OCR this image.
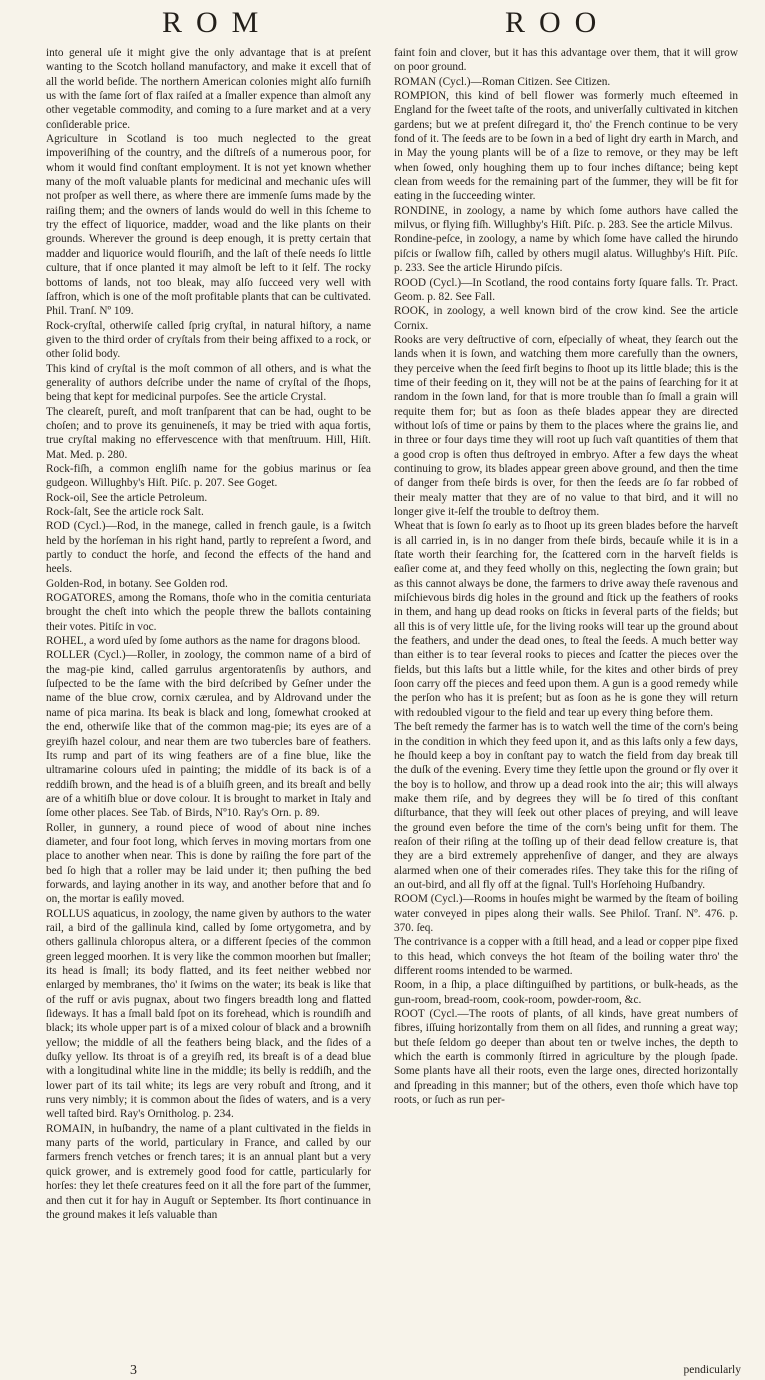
ROM	ROO

into general uſe it might give the only advantage that is at preſent wanting to the Scotch holland manufactory, and make it excell that of all the world beſide. The northern American colonies might alſo furniſh us with the ſame ſort of flax raiſed at a ſmaller expence than almoſt any other vegetable commodity, and coming to a ſure market and at a very conſiderable price.

Agriculture in Scotland is too much neglected to the great impoveriſhing of the country, and the diſtreſs of a numerous poor, for whom it would find conſtant employment. It is not yet known whether many of the moſt valuable plants for medicinal and mechanic uſes will not proſper as well there, as where there are immenſe ſums made by the raiſing them; and the owners of lands would do well in this ſcheme to try the effect of liquorice, madder, woad and the like plants on their grounds. Wherever the ground is deep enough, it is pretty certain that madder and liquorice would flouriſh, and the laſt of theſe needs ſo little culture, that if once planted it may almoſt be left to it ſelf. The rocky bottoms of lands, not too bleak, may alſo ſucceed very well with ſaffron, which is one of the moſt profitable plants that can be cultivated. Phil. Tranſ. Nº 109.

Rock-cryſtal, otherwiſe called ſprig cryſtal, in natural hiſtory, a name given to the third order of cryſtals from their being affixed to a rock, or other ſolid body.

This kind of cryſtal is the moſt common of all others, and is what the generality of authors deſcribe under the name of cryſtal of the ſhops, being that kept for medicinal purpoſes. See the article Crystal.

The cleareſt, pureſt, and moſt tranſparent that can be had, ought to be choſen; and to prove its genuineneſs, it may be tried with aqua fortis, true cryſtal making no effervescence with that menſtruum. Hill, Hiſt. Mat. Med. p. 280.

Rock-fiſh, a common engliſh name for the gobius marinus or ſea gudgeon. Willughby's Hiſt. Piſc. p. 207. See Goget.

Rock-oil, See the article Petroleum.

Rock-ſalt, See the article rock Salt.

ROD (Cycl.)—Rod, in the manege, called in french gaule, is a ſwitch held by the horſeman in his right hand, partly to repreſent a ſword, and partly to conduct the horſe, and ſecond the effects of the hand and heels.

Golden-Rod, in botany. See Golden rod.

ROGATORES, among the Romans, thoſe who in the comitia centuriata brought the cheſt into which the people threw the ballots containing their votes. Pitiſc in voc.

ROHEL, a word uſed by ſome authors as the name for dragons blood.

ROLLER (Cycl.)—Roller, in zoology, the common name of a bird of the mag-pie kind, called garrulus argentoratenſis by authors, and ſuſpected to be the ſame with the bird deſcribed by Geſner under the name of the blue crow, cornix cærulea, and by Aldrovand under the name of pica marina. Its beak is black and long, ſomewhat crooked at the end, otherwiſe like that of the common mag-pie; its eyes are of a greyiſh hazel colour, and near them are two tubercles bare of feathers. Its rump and part of its wing feathers are of a fine blue, like the ultramarine colours uſed in painting; the middle of its back is of a reddiſh brown, and the head is of a bluiſh green, and its breaſt and belly are of a whitiſh blue or dove colour. It is brought to market in Italy and ſome other places. See Tab. of Birds, Nº10. Ray's Orn. p. 89.

Roller, in gunnery, a round piece of wood of about nine inches diameter, and four foot long, which ſerves in moving mortars from one place to another when near. This is done by raiſing the fore part of the bed ſo high that a roller may be laid under it; then puſhing the bed forwards, and laying another in its way, and another before that and ſo on, the mortar is eaſily moved.

ROLLUS aquaticus, in zoology, the name given by authors to the water rail, a bird of the gallinula kind, called by ſome ortygometra, and by others gallinula chloropus altera, or a different ſpecies of the common green legged moorhen. It is very like the common moorhen but ſmaller; its head is ſmall; its body flatted, and its feet neither webbed nor enlarged by membranes, tho' it ſwims on the water; its beak is like that of the ruff or avis pugnax, about two fingers breadth long and flatted ſideways. It has a ſmall bald ſpot on its forehead, which is roundiſh and black; its whole upper part is of a mixed colour of black and a browniſh yellow; the middle of all the feathers being black, and the ſides of a duſky yellow. Its throat is of a greyiſh red, its breaſt is of a dead blue with a longitudinal white line in the middle; its belly is reddiſh, and the lower part of its tail white; its legs are very robuſt and ſtrong, and it runs very nimbly; it is common about the ſides of waters, and is a very well taſted bird. Ray's Ornitholog. p. 234.

ROMAIN, in huſbandry, the name of a plant cultivated in the fields in many parts of the world, particulary in France, and called by our farmers french vetches or french tares; it is an annual plant but a very quick grower, and is extremely good food for cattle, particularly for horſes: they let theſe creatures feed on it all the fore part of the ſummer, and then cut it for hay in Auguſt or September. Its ſhort continuance in the ground makes it leſs valuable than

faint foin and clover, but it has this advantage over them, that it will grow on poor ground.

ROMAN (Cycl.)—Roman Citizen. See Citizen.

ROMPION, this kind of bell flower was formerly much eſteemed in England for the ſweet taſte of the roots, and univerſally cultivated in kitchen gardens; but we at preſent diſregard it, tho' the French continue to be very fond of it. The ſeeds are to be ſown in a bed of light dry earth in March, and in May the young plants will be of a ſize to remove, or they may be left when ſowed, only houghing them up to four inches diſtance; being kept clean from weeds for the remaining part of the ſummer, they will be fit for eating in the ſucceeding winter.

RONDINE, in zoology, a name by which ſome authors have called the milvus, or flying fiſh. Willughby's Hiſt. Piſc. p. 283. See the article Milvus.

Rondine-peſce, in zoology, a name by which ſome have called the hirundo piſcis or ſwallow fiſh, called by others mugil alatus. Willughby's Hiſt. Piſc. p. 233. See the article Hirundo piſcis.

ROOD (Cycl.)—In Scotland, the rood contains forty ſquare falls. Tr. Pract. Geom. p. 82. See Fall.

ROOK, in zoology, a well known bird of the crow kind. See the article Cornix.

Rooks are very deſtructive of corn, eſpecially of wheat, they ſearch out the lands when it is ſown, and watching them more carefully than the owners, they perceive when the ſeed firſt begins to ſhoot up its little blade; this is the time of their feeding on it, they will not be at the pains of ſearching for it at random in the ſown land, for that is more trouble than ſo ſmall a grain will requite them for; but as ſoon as theſe blades appear they are directed without loſs of time or pains by them to the places where the grains lie, and in three or four days time they will root up ſuch vaſt quantities of them that a good crop is often thus deſtroyed in embryo. After a few days the wheat continuing to grow, its blades appear green above ground, and then the time of danger from theſe birds is over, for then the ſeeds are ſo far robbed of their mealy matter that they are of no value to that bird, and it will no longer give it-ſelf the trouble to deſtroy them.

Wheat that is ſown ſo early as to ſhoot up its green blades before the harveſt is all carried in, is in no danger from theſe birds, becauſe while it is in a ſtate worth their ſearching for, the ſcattered corn in the harveſt fields is eaſier come at, and they feed wholly on this, neglecting the ſown grain; but as this cannot always be done, the farmers to drive away theſe ravenous and miſchievous birds dig holes in the ground and ſtick up the feathers of rooks in them, and hang up dead rooks on ſticks in ſeveral parts of the fields; but all this is of very little uſe, for the living rooks will tear up the ground about the feathers, and under the dead ones, to ſteal the ſeeds. A much better way than either is to tear ſeveral rooks to pieces and ſcatter the pieces over the fields, but this laſts but a little while, for the kites and other birds of prey ſoon carry off the pieces and feed upon them. A gun is a good remedy while the perſon who has it is preſent; but as ſoon as he is gone they will return with redoubled vigour to the field and tear up every thing before them.

The beſt remedy the farmer has is to watch well the time of the corn's being in the condition in which they feed upon it, and as this laſts only a few days, he ſhould keep a boy in conſtant pay to watch the field from day break till the duſk of the evening. Every time they ſettle upon the ground or fly over it the boy is to hollow, and throw up a dead rook into the air; this will always make them riſe, and by degrees they will be ſo tired of this conſtant diſturbance, that they will ſeek out other places of preying, and will leave the ground even before the time of the corn's being unfit for them. The reaſon of their riſing at the toſſing up of their dead fellow creature is, that they are a bird extremely apprehenſive of danger, and they are always alarmed when one of their comerades riſes. They take this for the riſing of an out-bird, and all fly off at the ſignal. Tull's Horſehoing Huſbandry.

ROOM (Cycl.)—Rooms in houſes might be warmed by the ſteam of boiling water conveyed in pipes along their walls. See Philoſ. Tranſ. Nº. 476. p. 370. ſeq.

The contrivance is a copper with a ſtill head, and a lead or copper pipe fixed to this head, which conveys the hot ſteam of the boiling water thro' the different rooms intended to be warmed.

Room, in a ſhip, a place diſtinguiſhed by partitions, or bulk-heads, as the gun-room, bread-room, cook-room, powder-room, &c.

ROOT (Cycl.—The roots of plants, of all kinds, have great numbers of fibres, iſſuing horizontally from them on all ſides, and running a great way; but theſe ſeldom go deeper than about ten or twelve inches, the depth to which the earth is commonly ſtirred in agriculture by the plough ſpade. Some plants have all their roots, even the large ones, directed horizontally and ſpreading in this manner; but of the others, even thoſe which have top roots, or ſuch as run per-

3	pendicularly
